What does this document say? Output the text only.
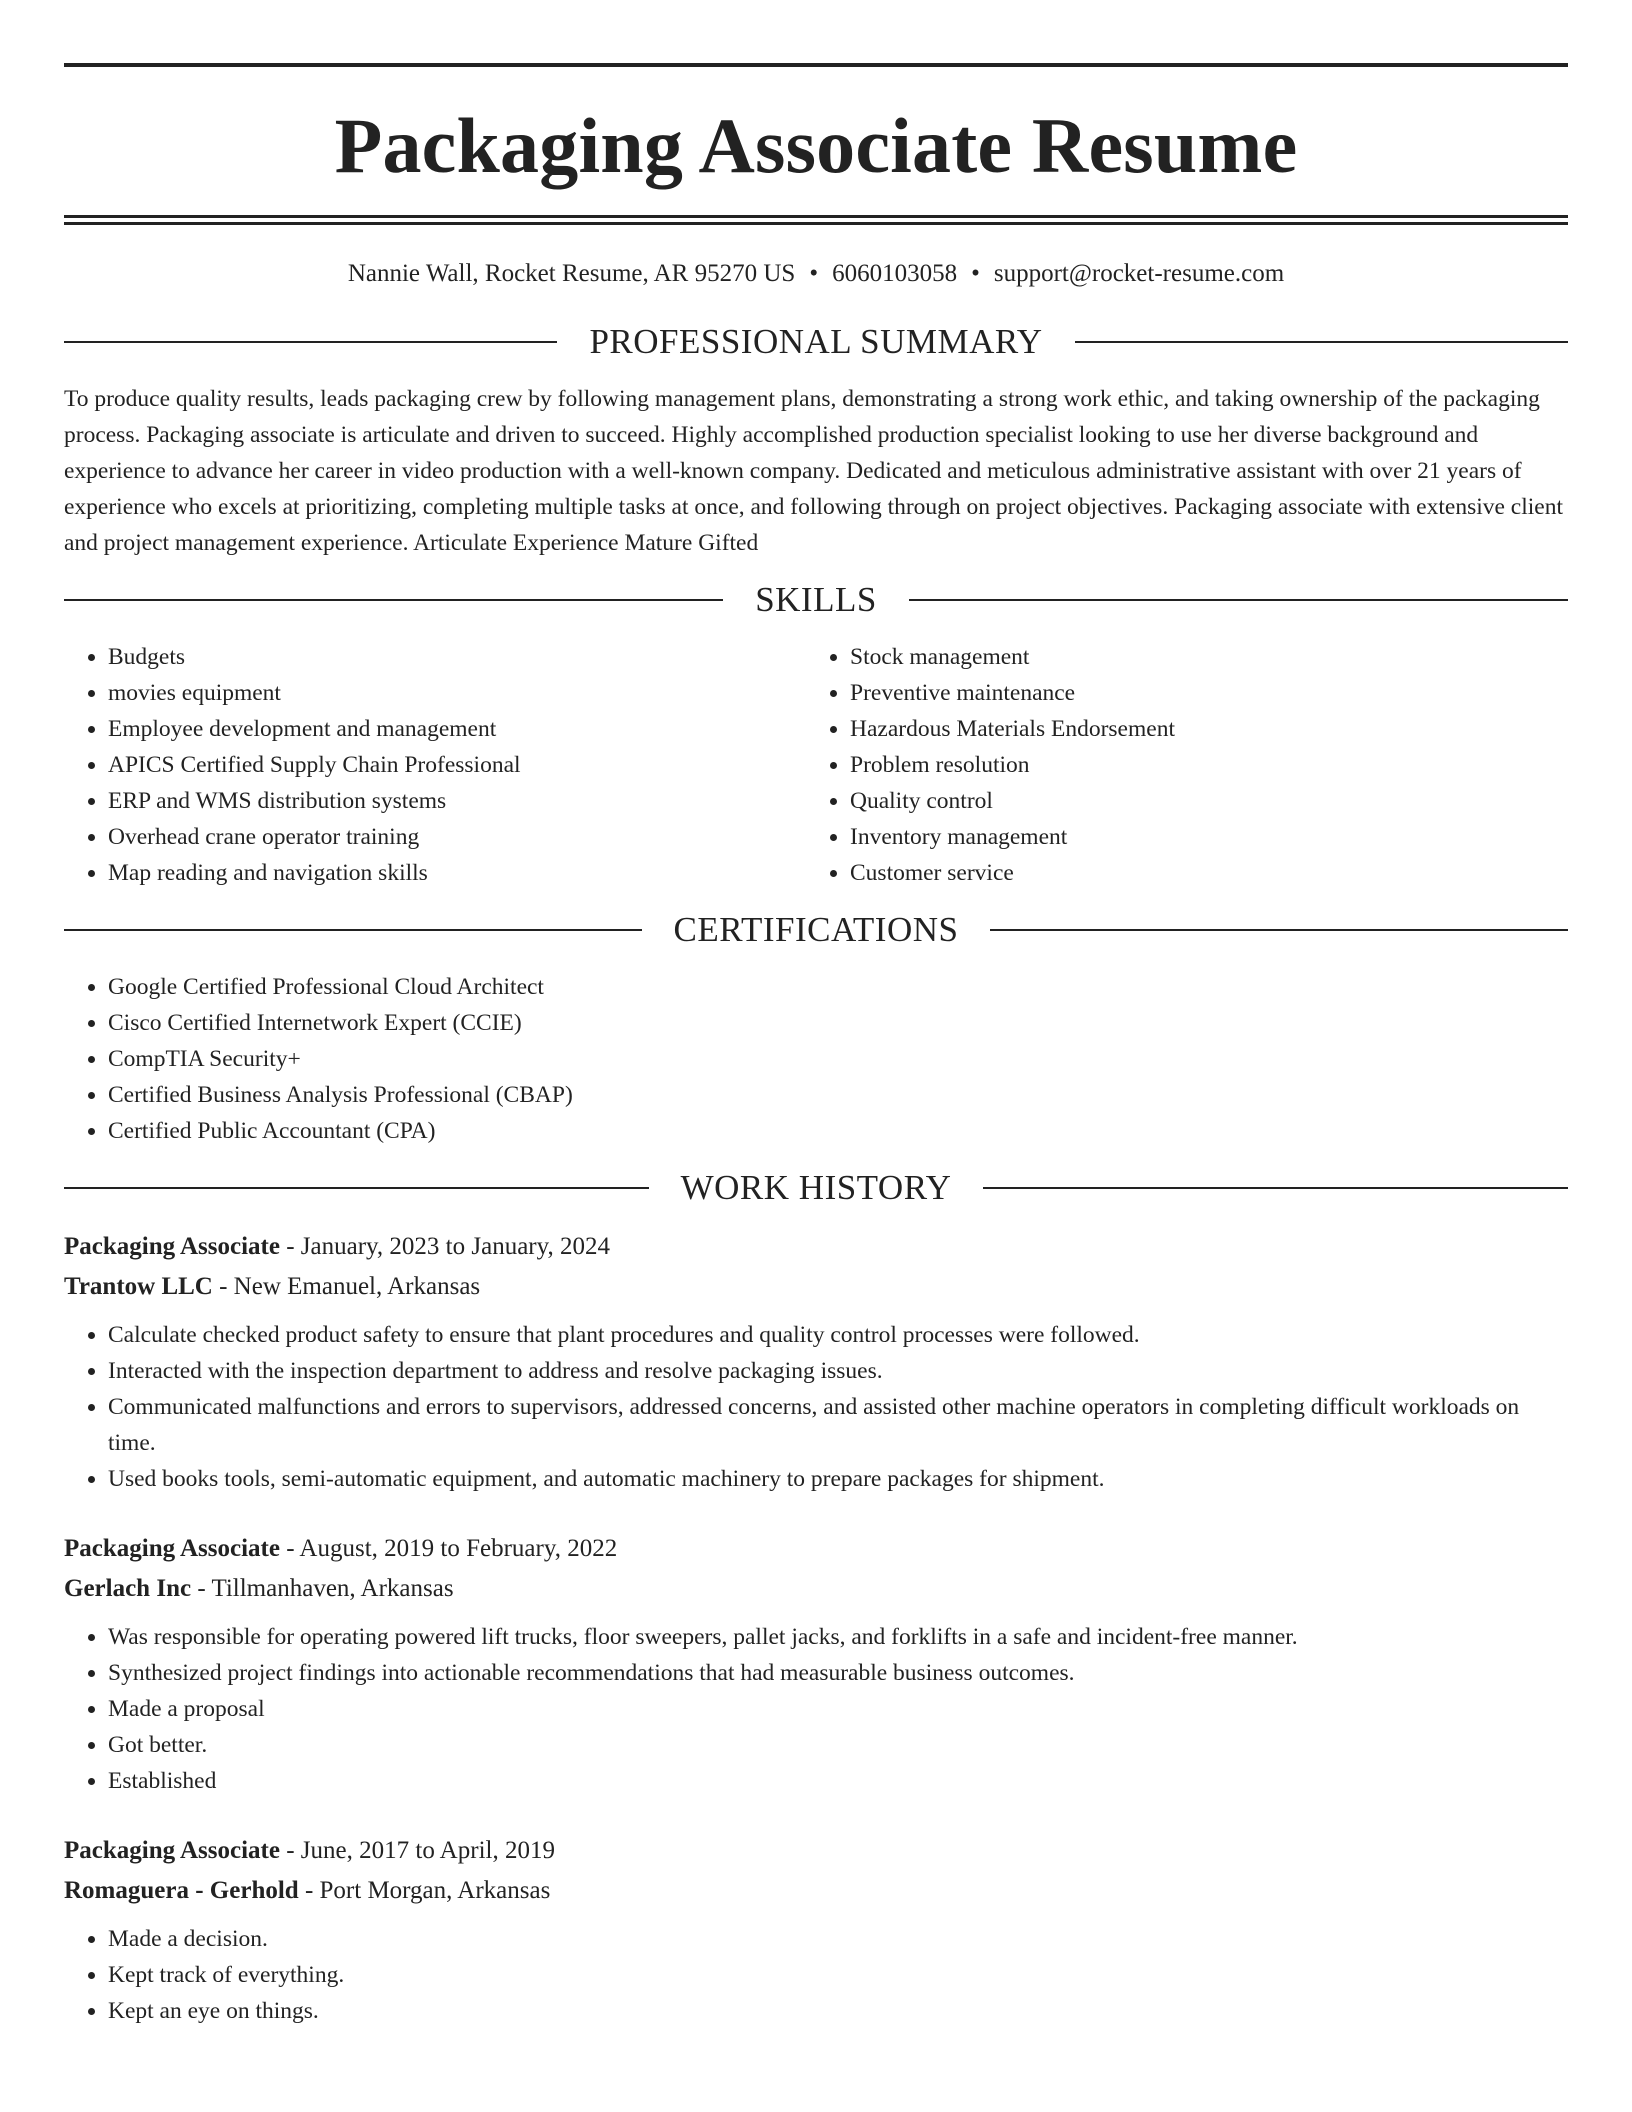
Packaging Associate Resume
Nannie Wall, Rocket Resume, AR 95270 US • 6060103058 • support@rocket-resume.com
PROFESSIONAL SUMMARY

To produce quality results, leads packaging crew by following management plans, demonstrating a strong work ethic, and taking ownership of the packaging process. Packaging associate is articulate and driven to succeed. Highly accomplished production specialist looking to use her diverse background and experience to advance her career in video production with a well-known company. Dedicated and meticulous administrative assistant with over 21 years of experience who excels at prioritizing, completing multiple tasks at once, and following through on project objectives. Packaging associate with extensive client and project management experience. Articulate Experience Mature Gifted

SKILLS
• Budgets
• movies equipment
• Employee development and management
• APICS Certified Supply Chain Professional
• ERP and WMS distribution systems
• Overhead crane operator training
• Map reading and navigation skills
• Stock management
• Preventive maintenance
• Hazardous Materials Endorsement
• Problem resolution
• Quality control
• Inventory management
• Customer service
CERTIFICATIONS
• Google Certified Professional Cloud Architect
• Cisco Certified Internetwork Expert (CCIE)
• CompTIA Security+
• Certified Business Analysis Professional (CBAP)
• Certified Public Accountant (CPA)
WORK HISTORY
Packaging Associate - January, 2023 to January, 2024
Trantow LLC - New Emanuel, Arkansas
• Calculate checked product safety to ensure that plant procedures and quality control processes were followed.
• Interacted with the inspection department to address and resolve packaging issues.
• Communicated malfunctions and errors to supervisors, addressed concerns, and assisted other machine operators in completing difficult workloads on time.
• Used books tools, semi-automatic equipment, and automatic machinery to prepare packages for shipment.
Packaging Associate - August, 2019 to February, 2022
Gerlach Inc - Tillmanhaven, Arkansas
• Was responsible for operating powered lift trucks, floor sweepers, pallet jacks, and forklifts in a safe and incident-free manner.
• Synthesized project findings into actionable recommendations that had measurable business outcomes.
• Made a proposal
• Got better.
• Established
Packaging Associate - June, 2017 to April, 2019
Romaguera - Gerhold - Port Morgan, Arkansas
• Made a decision.
• Kept track of everything.
• Kept an eye on things.
